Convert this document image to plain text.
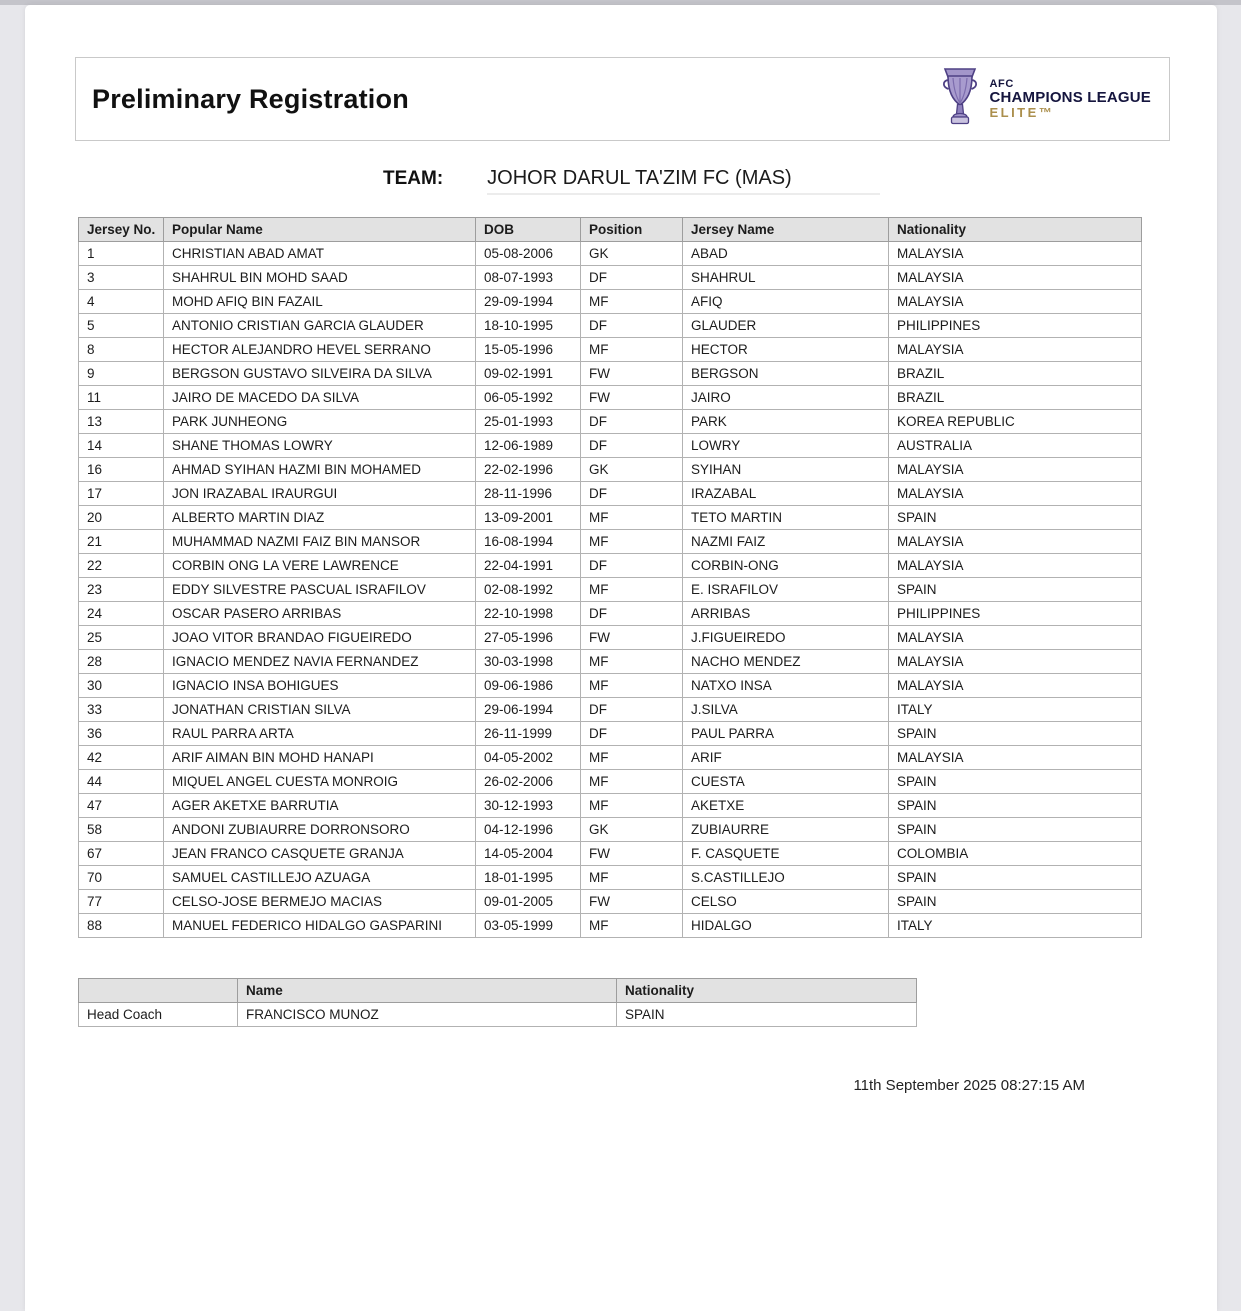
Preliminary Registration	AFC
CHAMPIONS LEAGUE
ELITE™
TEAM: JOHOR DARUL TA'ZIM FC (MAS)
Jersey No.	Popular Name	DOB	Position	Jersey Name	Nationality
1	CHRISTIAN ABAD AMAT	05-08-2006	GK	ABAD	MALAYSIA
3	SHAHRUL BIN MOHD SAAD	08-07-1993	DF	SHAHRUL	MALAYSIA
4	MOHD AFIQ BIN FAZAIL	29-09-1994	MF	AFIQ	MALAYSIA
5	ANTONIO CRISTIAN GARCIA GLAUDER	18-10-1995	DF	GLAUDER	PHILIPPINES
8	HECTOR ALEJANDRO HEVEL SERRANO	15-05-1996	MF	HECTOR	MALAYSIA
9	BERGSON GUSTAVO SILVEIRA DA SILVA	09-02-1991	FW	BERGSON	BRAZIL
11	JAIRO DE MACEDO DA SILVA	06-05-1992	FW	JAIRO	BRAZIL
13	PARK JUNHEONG	25-01-1993	DF	PARK	KOREA REPUBLIC
14	SHANE THOMAS LOWRY	12-06-1989	DF	LOWRY	AUSTRALIA
16	AHMAD SYIHAN HAZMI BIN MOHAMED	22-02-1996	GK	SYIHAN	MALAYSIA
17	JON IRAZABAL IRAURGUI	28-11-1996	DF	IRAZABAL	MALAYSIA
20	ALBERTO MARTIN DIAZ	13-09-2001	MF	TETO MARTIN	SPAIN
21	MUHAMMAD NAZMI FAIZ BIN MANSOR	16-08-1994	MF	NAZMI FAIZ	MALAYSIA
22	CORBIN ONG LA VERE LAWRENCE	22-04-1991	DF	CORBIN-ONG	MALAYSIA
23	EDDY SILVESTRE PASCUAL ISRAFILOV	02-08-1992	MF	E. ISRAFILOV	SPAIN
24	OSCAR PASERO ARRIBAS	22-10-1998	DF	ARRIBAS	PHILIPPINES
25	JOAO VITOR BRANDAO FIGUEIREDO	27-05-1996	FW	J.FIGUEIREDO	MALAYSIA
28	IGNACIO MENDEZ NAVIA FERNANDEZ	30-03-1998	MF	NACHO MENDEZ	MALAYSIA
30	IGNACIO INSA BOHIGUES	09-06-1986	MF	NATXO INSA	MALAYSIA
33	JONATHAN CRISTIAN SILVA	29-06-1994	DF	J.SILVA	ITALY
36	RAUL PARRA ARTA	26-11-1999	DF	PAUL PARRA	SPAIN
42	ARIF AIMAN BIN MOHD HANAPI	04-05-2002	MF	ARIF	MALAYSIA
44	MIQUEL ANGEL CUESTA MONROIG	26-02-2006	MF	CUESTA	SPAIN
47	AGER AKETXE BARRUTIA	30-12-1993	MF	AKETXE	SPAIN
58	ANDONI ZUBIAURRE DORRONSORO	04-12-1996	GK	ZUBIAURRE	SPAIN
67	JEAN FRANCO CASQUETE GRANJA	14-05-2004	FW	F. CASQUETE	COLOMBIA
70	SAMUEL CASTILLEJO AZUAGA	18-01-1995	MF	S.CASTILLEJO	SPAIN
77	CELSO-JOSE BERMEJO MACIAS	09-01-2005	FW	CELSO	SPAIN
88	MANUEL FEDERICO HIDALGO GASPARINI	03-05-1999	MF	HIDALGO	ITALY
	Name	Nationality
Head Coach	FRANCISCO MUNOZ	SPAIN
11th September 2025 08:27:15 AM
